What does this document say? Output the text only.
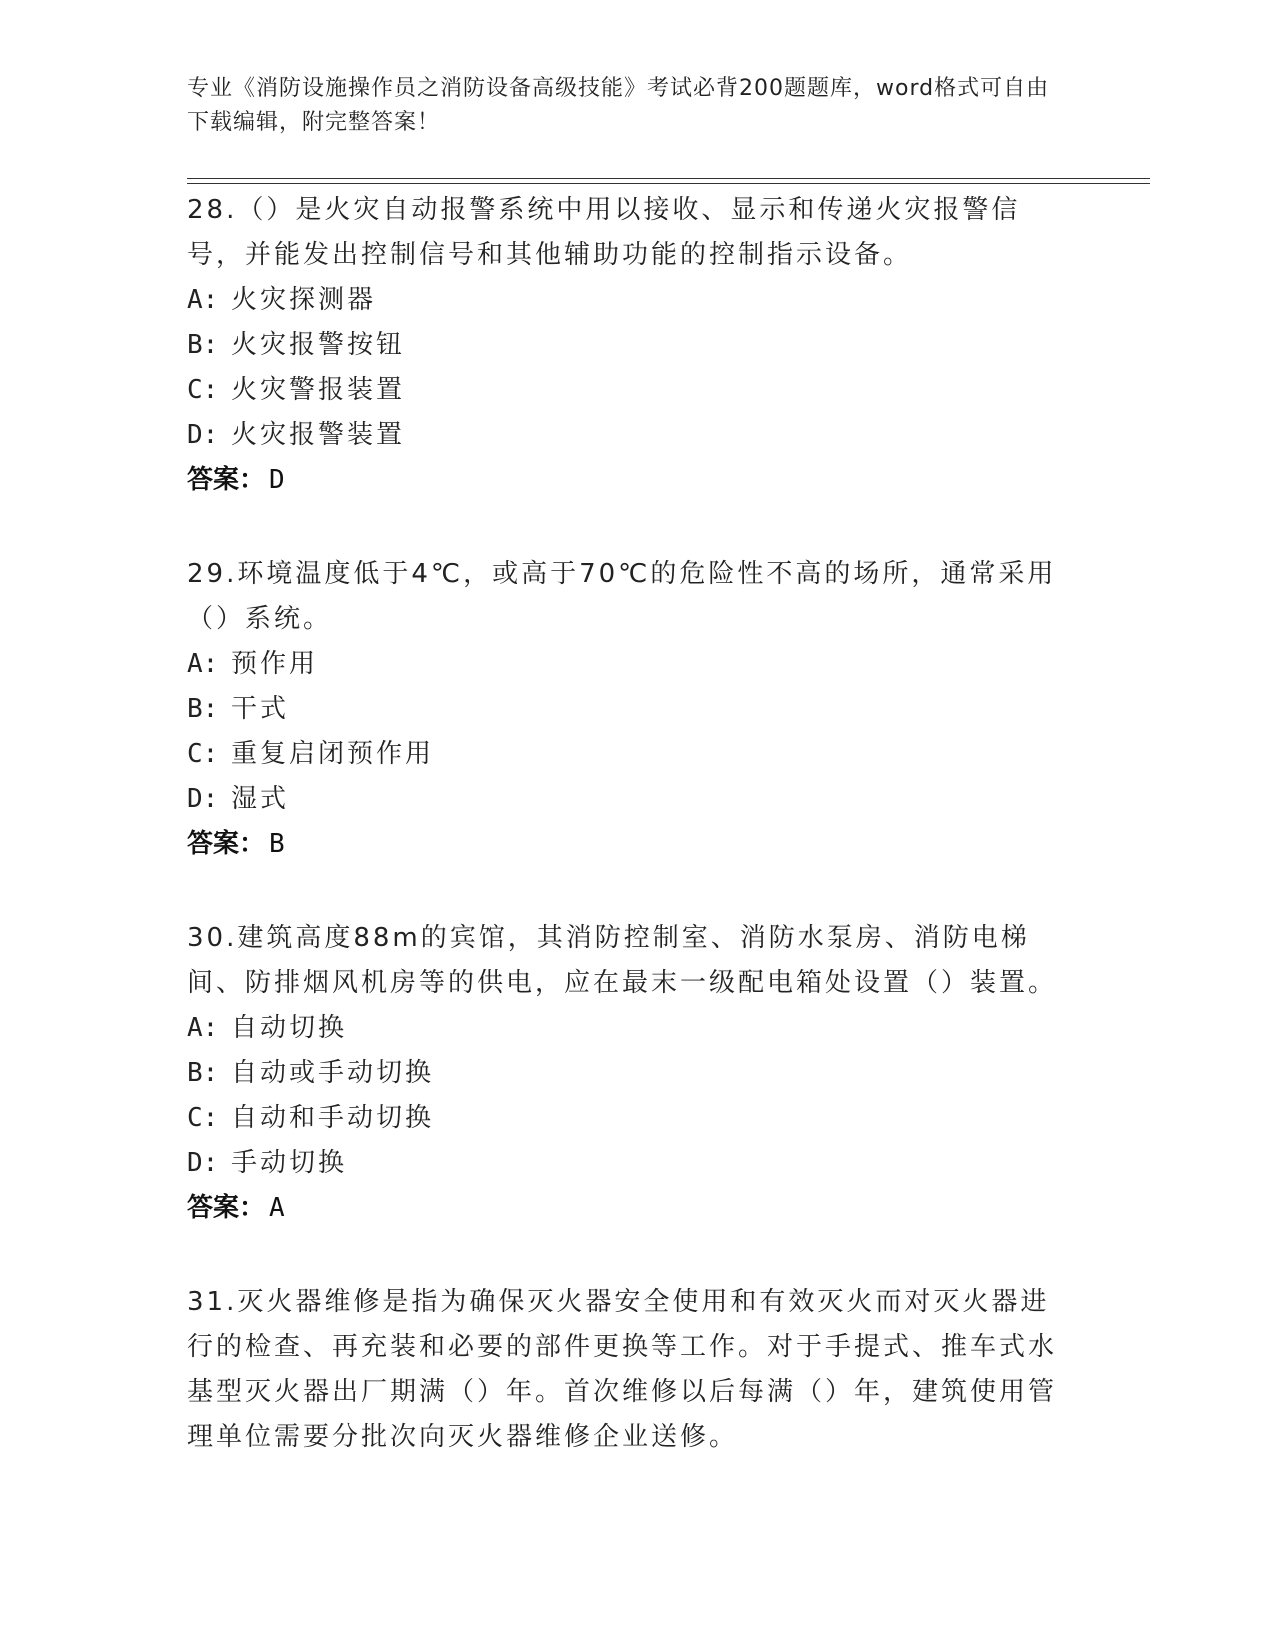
专业《消防设施操作员之消防设备高级技能》考试必背200题题库，word格式可自由下载编辑，附完整答案！

28.（）是火灾自动报警系统中用以接收、显示和传递火灾报警信号，并能发出控制信号和其他辅助功能的控制指示设备。

A: 火灾探测器

B: 火灾报警按钮

C: 火灾警报装置

D: 火灾报警装置

答案： D

29.环境温度低于4℃，或高于70℃的危险性不高的场所，通常采用（）系统。

A: 预作用

B: 干式

C: 重复启闭预作用

D: 湿式

答案： B

30.建筑高度88m的宾馆，其消防控制室、消防水泵房、消防电梯间、防排烟风机房等的供电，应在最末一级配电箱处设置（）装置。

A: 自动切换

B: 自动或手动切换

C: 自动和手动切换

D: 手动切换

答案： A

31.灭火器维修是指为确保灭火器安全使用和有效灭火而对灭火器进行的检查、再充装和必要的部件更换等工作。对于手提式、推车式水基型灭火器出厂期满（）年。首次维修以后每满（）年，建筑使用管理单位需要分批次向灭火器维修企业送修。
